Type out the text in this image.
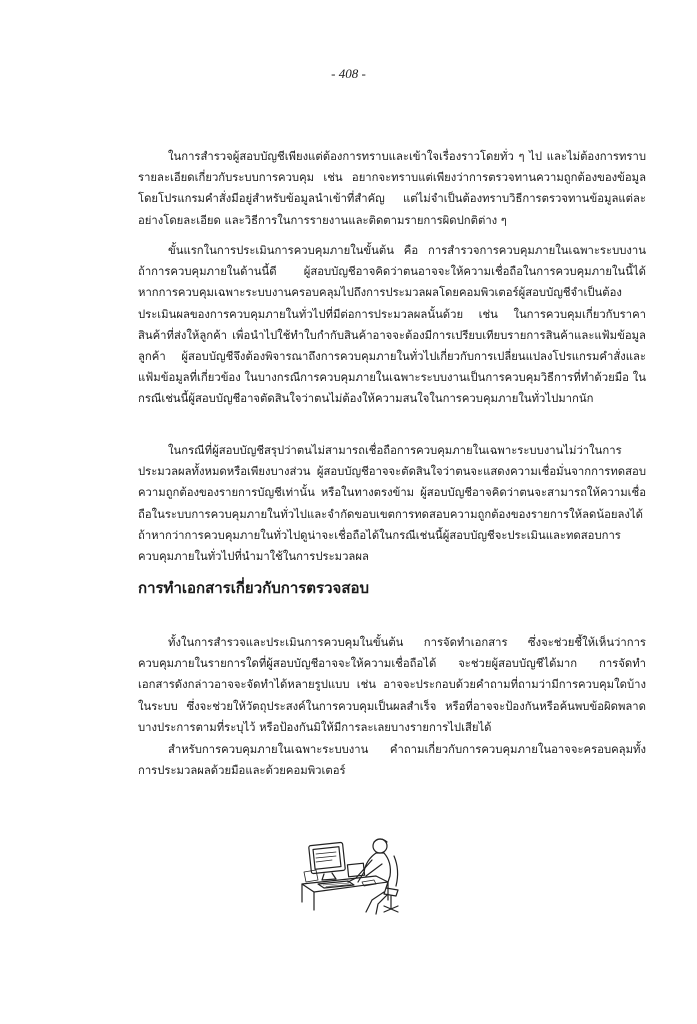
- 408 -

ในการสำรวจผู้สอบบัญชีเพียงแต่ต้องการทราบและเข้าใจเรื่องราวโดยทั่ว ๆ ไป และไม่ต้องการทราบรายละเอียดเกี่ยวกับระบบการควบคุม เช่น อยากจะทราบแต่เพียงว่าการตรวจทานความถูกต้องของข้อมูลโดยโปรแกรมคำสั่งมีอยู่สำหรับข้อมูลนำเข้าที่สำคัญ แต่ไม่จำเป็นต้องทราบวิธีการตรวจทานข้อมูลแต่ละอย่างโดยละเอียด และวิธีการในการรายงานและติดตามรายการผิดปกติต่าง ๆ

ขั้นแรกในการประเมินการควบคุมภายในขั้นต้น คือ การสำรวจการควบคุมภายในเฉพาะระบบงาน ถ้าการควบคุมภายในด้านนี้ดี ผู้สอบบัญชีอาจคิดว่าตนอาจจะให้ความเชื่อถือในการควบคุมภายในนี้ได้ หากการควบคุมเฉพาะระบบงานครอบคลุมไปถึงการประมวลผลโดยคอมพิวเตอร์ผู้สอบบัญชีจำเป็นต้องประเมินผลของการควบคุมภายในทั่วไปที่มีต่อการประมวลผลนั้นด้วย เช่น ในการควบคุมเกี่ยวกับราคาสินค้าที่ส่งให้ลูกค้า เพื่อนำไปใช้ทำใบกำกับสินค้าอาจจะต้องมีการเปรียบเทียบรายการสินค้าและแฟ้มข้อมูลลูกค้า ผู้สอบบัญชีจึงต้องพิจารณาถึงการควบคุมภายในทั่วไปเกี่ยวกับการเปลี่ยนแปลงโปรแกรมคำสั่งและแฟ้มข้อมูลที่เกี่ยวข้อง ในบางกรณีการควบคุมภายในเฉพาะระบบงานเป็นการควบคุมวิธีการที่ทำด้วยมือ ในกรณีเช่นนี้ผู้สอบบัญชีอาจตัดสินใจว่าตนไม่ต้องให้ความสนใจในการควบคุมภายในทั่วไปมากนัก

ในกรณีที่ผู้สอบบัญชีสรุปว่าตนไม่สามารถเชื่อถือการควบคุมภายในเฉพาะระบบงานไม่ว่าในการประมวลผลทั้งหมดหรือเพียงบางส่วน ผู้สอบบัญชีอาจจะตัดสินใจว่าตนจะแสดงความเชื่อมั่นจากการทดสอบความถูกต้องของรายการบัญชีเท่านั้น หรือในทางตรงข้าม ผู้สอบบัญชีอาจคิดว่าตนจะสามารถให้ความเชื่อถือในระบบการควบคุมภายในทั่วไปและจำกัดขอบเขตการทดสอบความถูกต้องของรายการให้ลดน้อยลงได้ ถ้าหากว่าการควบคุมภายในทั่วไปดูน่าจะเชื่อถือได้ในกรณีเช่นนี้ผู้สอบบัญชีจะประเมินและทดสอบการควบคุมภายในทั่วไปที่นำมาใช้ในการประมวลผล

การทำเอกสารเกี่ยวกับการตรวจสอบ

ทั้งในการสำรวจและประเมินการควบคุมในขั้นต้น การจัดทำเอกสาร ซึ่งจะช่วยชี้ให้เห็นว่าการควบคุมภายในรายการใดที่ผู้สอบบัญชีอาจจะให้ความเชื่อถือได้ จะช่วยผู้สอบบัญชีได้มาก การจัดทำเอกสารดังกล่าวอาจจะจัดทำได้หลายรูปแบบ เช่น อาจจะประกอบด้วยคำถามที่ถามว่ามีการควบคุมใดบ้างในระบบ ซึ่งจะช่วยให้วัตถุประสงค์ในการควบคุมเป็นผลสำเร็จ หรือที่อาจจะป้องกันหรือค้นพบข้อผิดพลาดบางประการตามที่ระบุไว้ หรือป้องกันมิให้มีการละเลยบางรายการไปเสียได้

สำหรับการควบคุมภายในเฉพาะระบบงาน คำถามเกี่ยวกับการควบคุมภายในอาจจะครอบคลุมทั้งการประมวลผลด้วยมือและด้วยคอมพิวเตอร์
